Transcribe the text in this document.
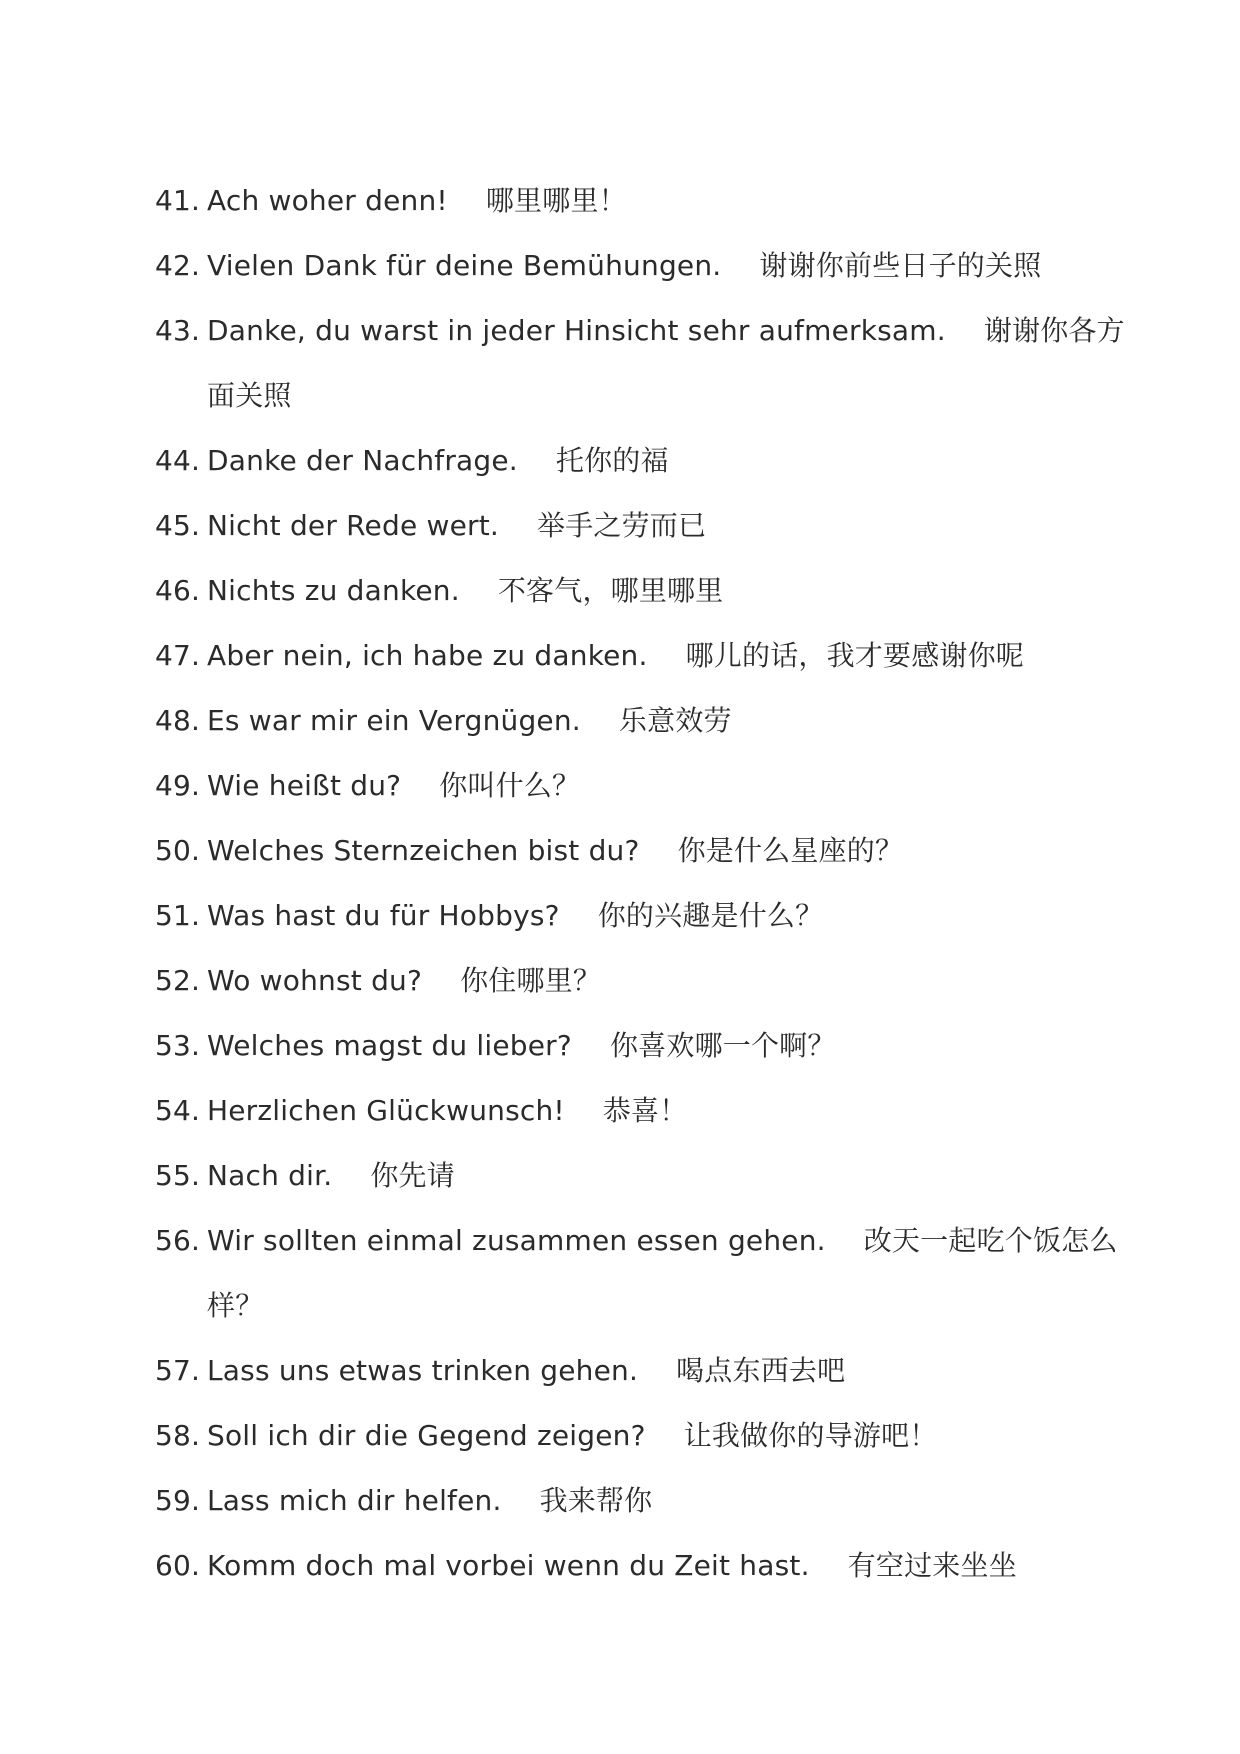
41. Ach woher denn! 哪里哪里！
42. Vielen Dank für deine Bemühungen. 谢谢你前些日子的关照
43. Danke, du warst in jeder Hinsicht sehr aufmerksam. 谢谢你各方面关照
44. Danke der Nachfrage. 托你的福
45. Nicht der Rede wert. 举手之劳而已
46. Nichts zu danken. 不客气，哪里哪里
47. Aber nein, ich habe zu danken. 哪儿的话，我才要感谢你呢
48. Es war mir ein Vergnügen. 乐意效劳
49. Wie heißt du? 你叫什么？
50. Welches Sternzeichen bist du? 你是什么星座的？
51. Was hast du für Hobbys? 你的兴趣是什么？
52. Wo wohnst du? 你住哪里？
53. Welches magst du lieber? 你喜欢哪一个啊？
54. Herzlichen Glückwunsch! 恭喜！
55. Nach dir. 你先请
56. Wir sollten einmal zusammen essen gehen. 改天一起吃个饭怎么样？
57. Lass uns etwas trinken gehen. 喝点东西去吧
58. Soll ich dir die Gegend zeigen? 让我做你的导游吧！
59. Lass mich dir helfen. 我来帮你
60. Komm doch mal vorbei wenn du Zeit hast. 有空过来坐坐
